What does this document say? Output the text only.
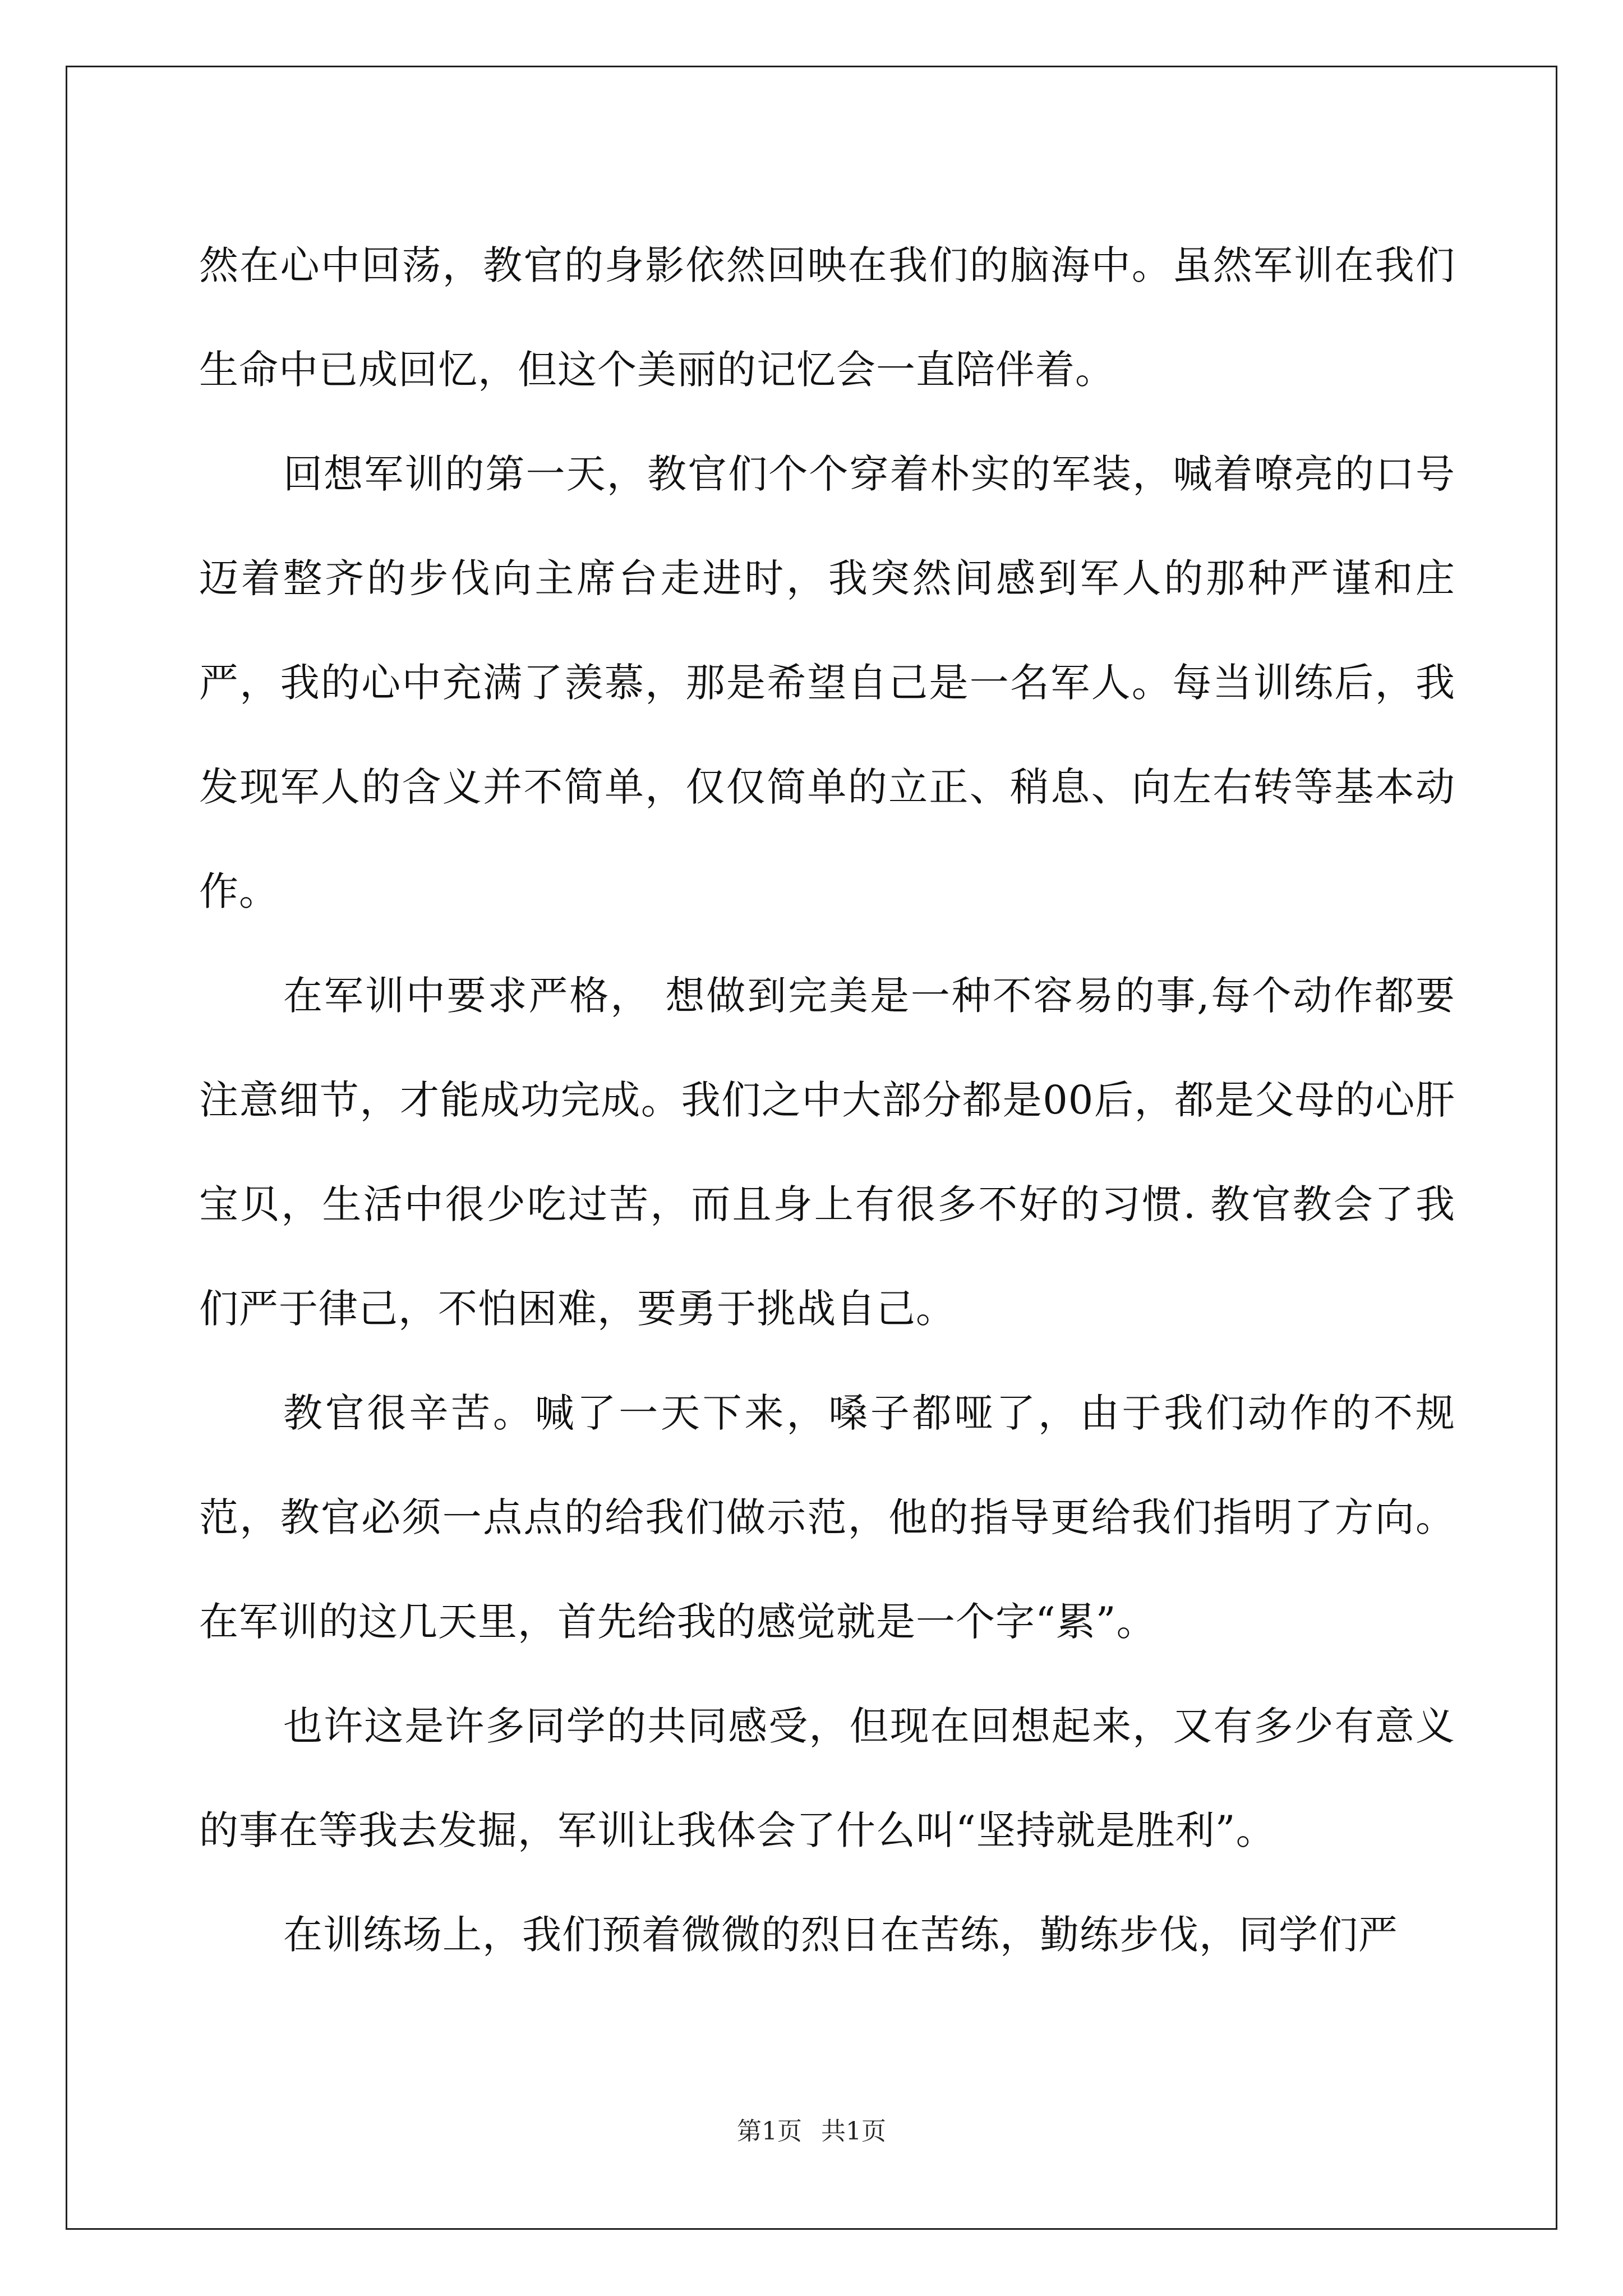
然在心中回荡，教官的身影依然回映在我们的脑海中。虽然军训在我们生命中已成回忆，但这个美丽的记忆会一直陪伴着。

回想军训的第一天，教官们个个穿着朴实的军装，喊着嘹亮的口号迈着整齐的步伐向主席台走进时，我突然间感到军人的那种严谨和庄严，我的心中充满了羡慕，那是希望自己是一名军人。每当训练后，我发现军人的含义并不简单，仅仅简单的立正、稍息、向左右转等基本动作。

在军训中要求严格， 想做到完美是一种不容易的事,每个动作都要注意细节，才能成功完成。我们之中大部分都是00后，都是父母的心肝宝贝，生活中很少吃过苦，而且身上有很多不好的习惯. 教官教会了我们严于律己，不怕困难，要勇于挑战自己。

教官很辛苦。喊了一天下来，嗓子都哑了，由于我们动作的不规范，教官必须一点点的给我们做示范，他的指导更给我们指明了方向。在军训的这几天里，首先给我的感觉就是一个字“累”。

也许这是许多同学的共同感受，但现在回想起来，又有多少有意义的事在等我去发掘，军训让我体会了什么叫“坚持就是胜利”。

在训练场上，我们预着微微的烈日在苦练，勤练步伐，同学们严

第1页 共1页
